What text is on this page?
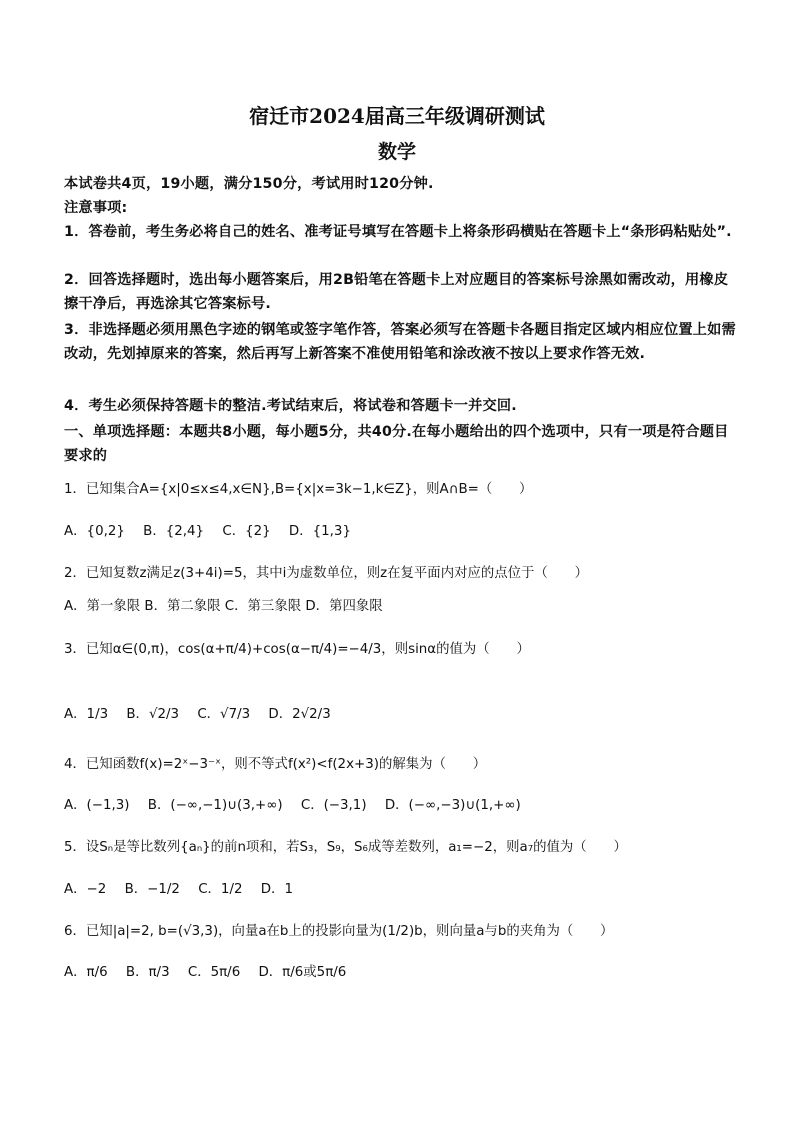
宿迁市2024届高三年级调研测试
数学
本试卷共4页，19小题，满分150分，考试用时120分钟.
注意事项:
1．答卷前，考生务必将自己的姓名、准考证号填写在答题卡上将条形码横贴在答题卡上“条形码粘贴处”.
2．回答选择题时，选出每小题答案后，用2B铅笔在答题卡上对应题目的答案标号涂黑如需改动，用橡皮擦干净后，再选涂其它答案标号.
3．非选择题必须用黑色字迹的钢笔或签字笔作答，答案必须写在答题卡各题目指定区域内相应位置上如需改动，先划掉原来的答案，然后再写上新答案不准使用铅笔和涂改液不按以上要求作答无效.
4．考生必须保持答题卡的整洁.考试结束后，将试卷和答题卡一并交回.
一、单项选择题：本题共8小题，每小题5分，共40分.在每小题给出的四个选项中，只有一项是符合题目要求的
1．已知集合A={x|0≤x≤4,x∈N},B={x|x=3k−1,k∈Z}，则A∩B=（　　）
A．{0,2} B．{2,4} C．{2} D．{1,3}
2．已知复数z满足z(3+4i)=5，其中i为虚数单位，则z在复平面内对应的点位于（　　）
A．第一象限 B．第二象限 C．第三象限 D．第四象限
3．已知α∈(0,π)，cos(α+π/4)+cos(α−π/4)=−4/3，则sinα的值为（　　）
A．1/3 B．√2/3 C．√7/3 D．2√2/3
4．已知函数f(x)=2ˣ−3⁻ˣ，则不等式f(x²)<f(2x+3)的解集为（　　）
A．(−1,3) B．(−∞,−1)∪(3,+∞) C．(−3,1) D．(−∞,−3)∪(1,+∞)
5．设Sₙ是等比数列{aₙ}的前n项和，若S₃，S₉，S₆成等差数列，a₁=−2，则a₇的值为（　　）
A．−2 B．−1/2 C．1/2 D．1
6．已知|a|=2, b=(√3,3)，向量a在b上的投影向量为(1/2)b，则向量a与b的夹角为（　　）
A．π/6 B．π/3 C．5π/6 D．π/6或5π/6
